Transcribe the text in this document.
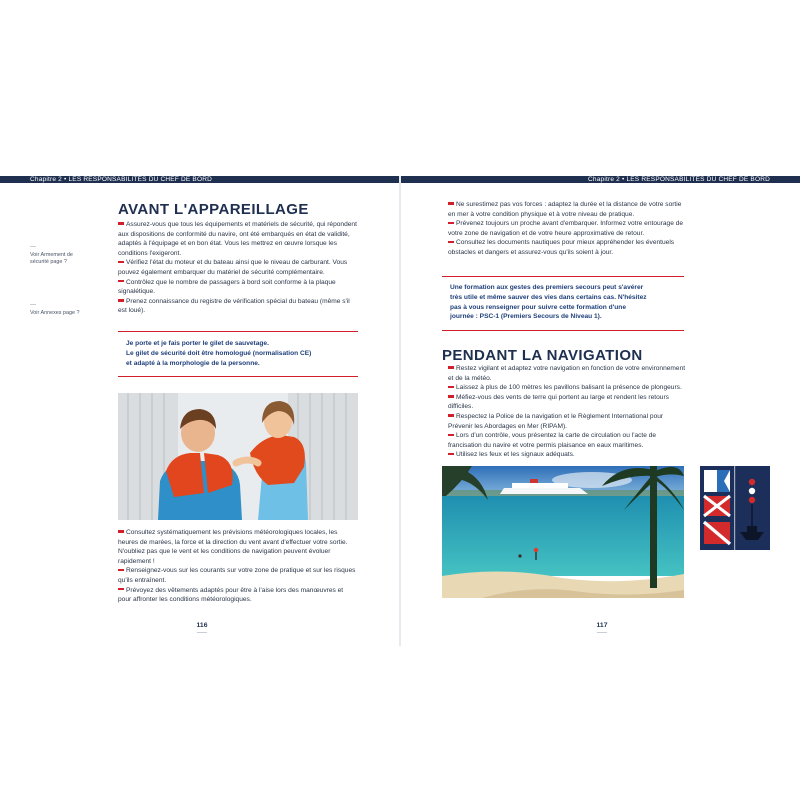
Chapitre 2 • LES RESPONSABILITÉS DU CHEF DE BORD	Chapitre 2 • LES RESPONSABILITÉS DU CHEF DE BORD
AVANT L'APPAREILLAGE
Voir Armement de sécurité page ?
Voir Annexes page ?

Assurez-vous que tous les équipements et matériels de sécurité, qui répondent aux dispositions de conformité du navire, ont été embarqués en état de validité, adaptés à l'équipage et en bon état. Vous les mettrez en œuvre lorsque les conditions l'exigeront.

Vérifiez l'état du moteur et du bateau ainsi que le niveau de carburant. Vous pouvez également embarquer du matériel de sécurité complémentaire.

Contrôlez que le nombre de passagers à bord soit conforme à la plaque signalétique.

Prenez connaissance du registre de vérification spécial du bateau (même s'il est loué).

Je porte et je fais porter le gilet de sauvetage.

Le gilet de sécurité doit être homologué (normalisation CE)

et adapté à la morphologie de la personne.

Consultez systématiquement les prévisions météorologiques locales, les heures de marées, la force et la direction du vent avant d'effectuer votre sortie. N'oubliez pas que le vent et les conditions de navigation peuvent évoluer rapidement !

Renseignez-vous sur les courants sur votre zone de pratique et sur les risques qu'ils entraînent.

Prévoyez des vêtements adaptés pour être à l'aise lors des manœuvres et pour affronter les conditions météorologiques.

116

Ne surestimez pas vos forces : adaptez la durée et la distance de votre sortie en mer à votre condition physique et à votre niveau de pratique.

Prévenez toujours un proche avant d'embarquer. Informez votre entourage de votre zone de navigation et de votre heure approximative de retour.

Consultez les documents nautiques pour mieux appréhender les éventuels obstacles et dangers et assurez-vous qu'ils soient à jour.

Une formation aux gestes des premiers secours peut s'avérer

très utile et même sauver des vies dans certains cas. N'hésitez

pas à vous renseigner pour suivre cette formation d'une

journée : PSC-1 (Premiers Secours de Niveau 1).

PENDANT LA NAVIGATION

Restez vigilant et adaptez votre navigation en fonction de votre environnement et de la météo.

Laissez à plus de 100 mètres les pavillons balisant la présence de plongeurs.

Méfiez-vous des vents de terre qui portent au large et rendent les retours difficiles.

Respectez la Police de la navigation et le Règlement International pour Prévenir les Abordages en Mer (RIPAM).

Lors d'un contrôle, vous présentez la carte de circulation ou l'acte de francisation du navire et votre permis plaisance en eaux maritimes.

Utilisez les feux et les signaux adéquats.

117
